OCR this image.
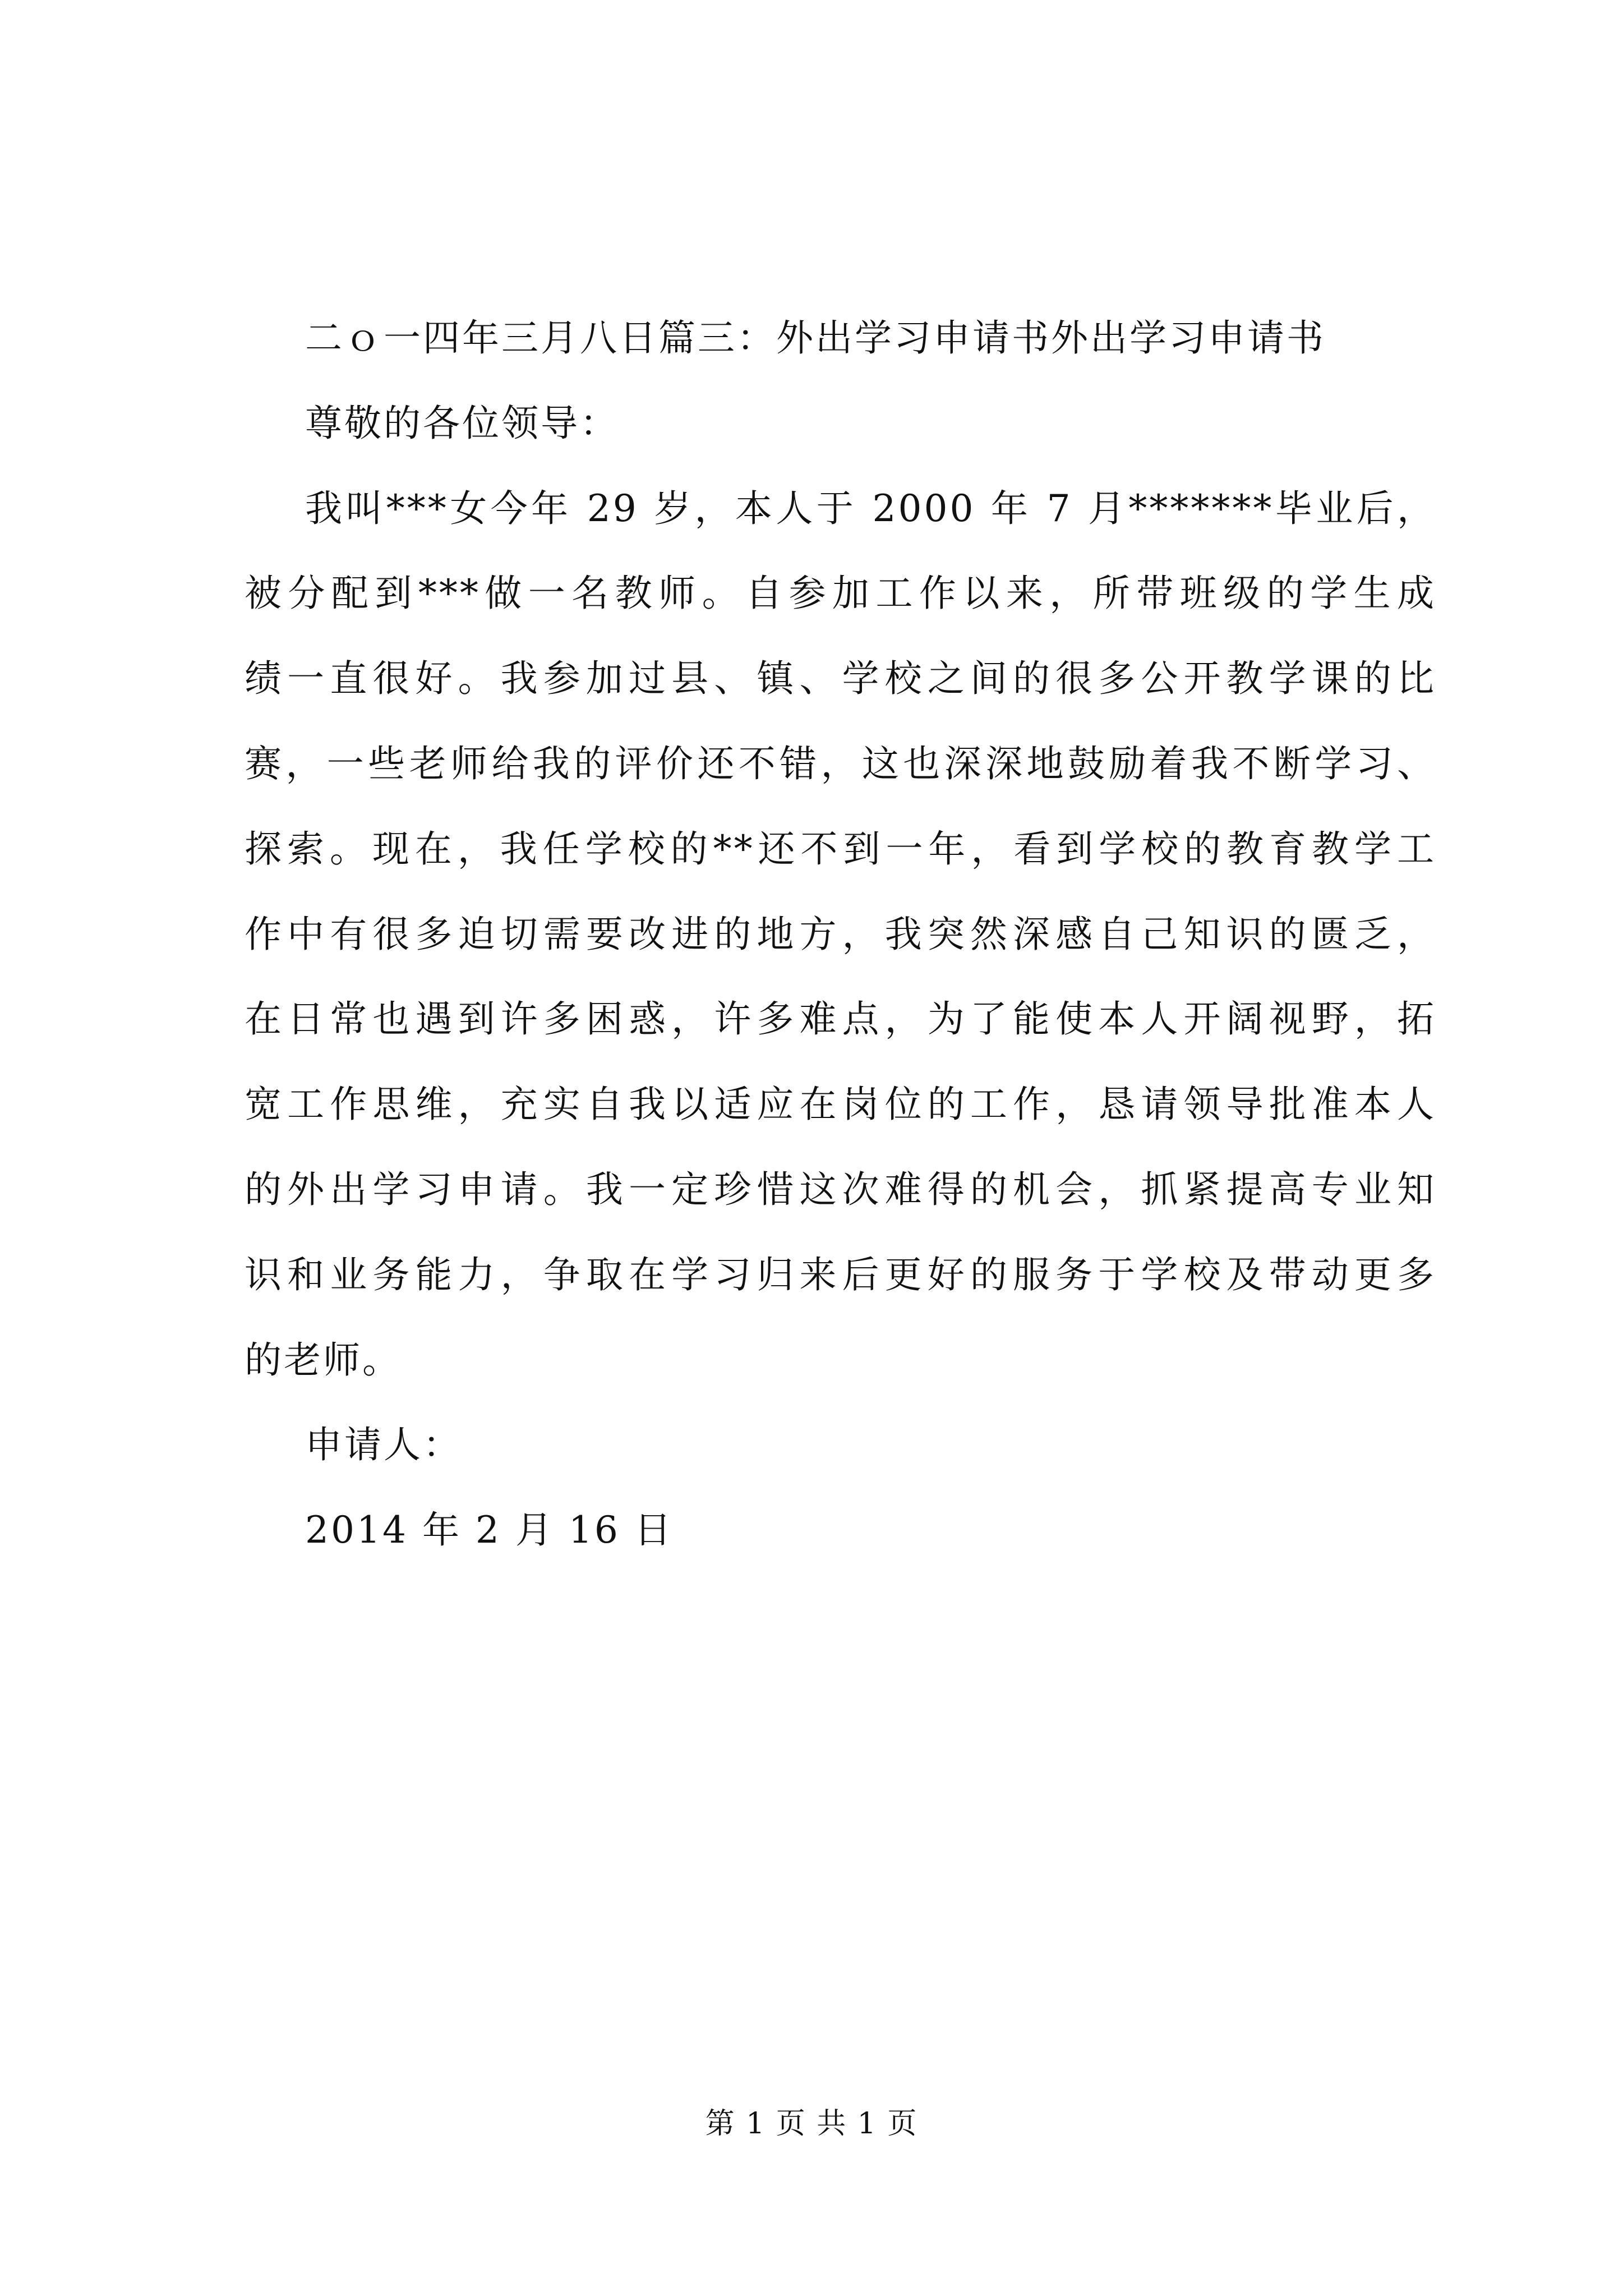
二ｏ一四年三月八日篇三：外出学习申请书外出学习申请书
尊敬的各位领导：
我叫***女今年 29 岁，本人于 2000 年 7 月*******毕业后，
被分配到***做一名教师。自参加工作以来，所带班级的学生成
绩一直很好。我参加过县、镇、学校之间的很多公开教学课的比
赛，一些老师给我的评价还不错，这也深深地鼓励着我不断学习、
探索。现在，我任学校的**还不到一年，看到学校的教育教学工
作中有很多迫切需要改进的地方，我突然深感自己知识的匮乏，
在日常也遇到许多困惑，许多难点，为了能使本人开阔视野，拓
宽工作思维，充实自我以适应在岗位的工作，恳请领导批准本人
的外出学习申请。我一定珍惜这次难得的机会，抓紧提高专业知
识和业务能力，争取在学习归来后更好的服务于学校及带动更多
的老师。
申请人：
2014 年 2 月 16 日
第 1 页 共 1 页
